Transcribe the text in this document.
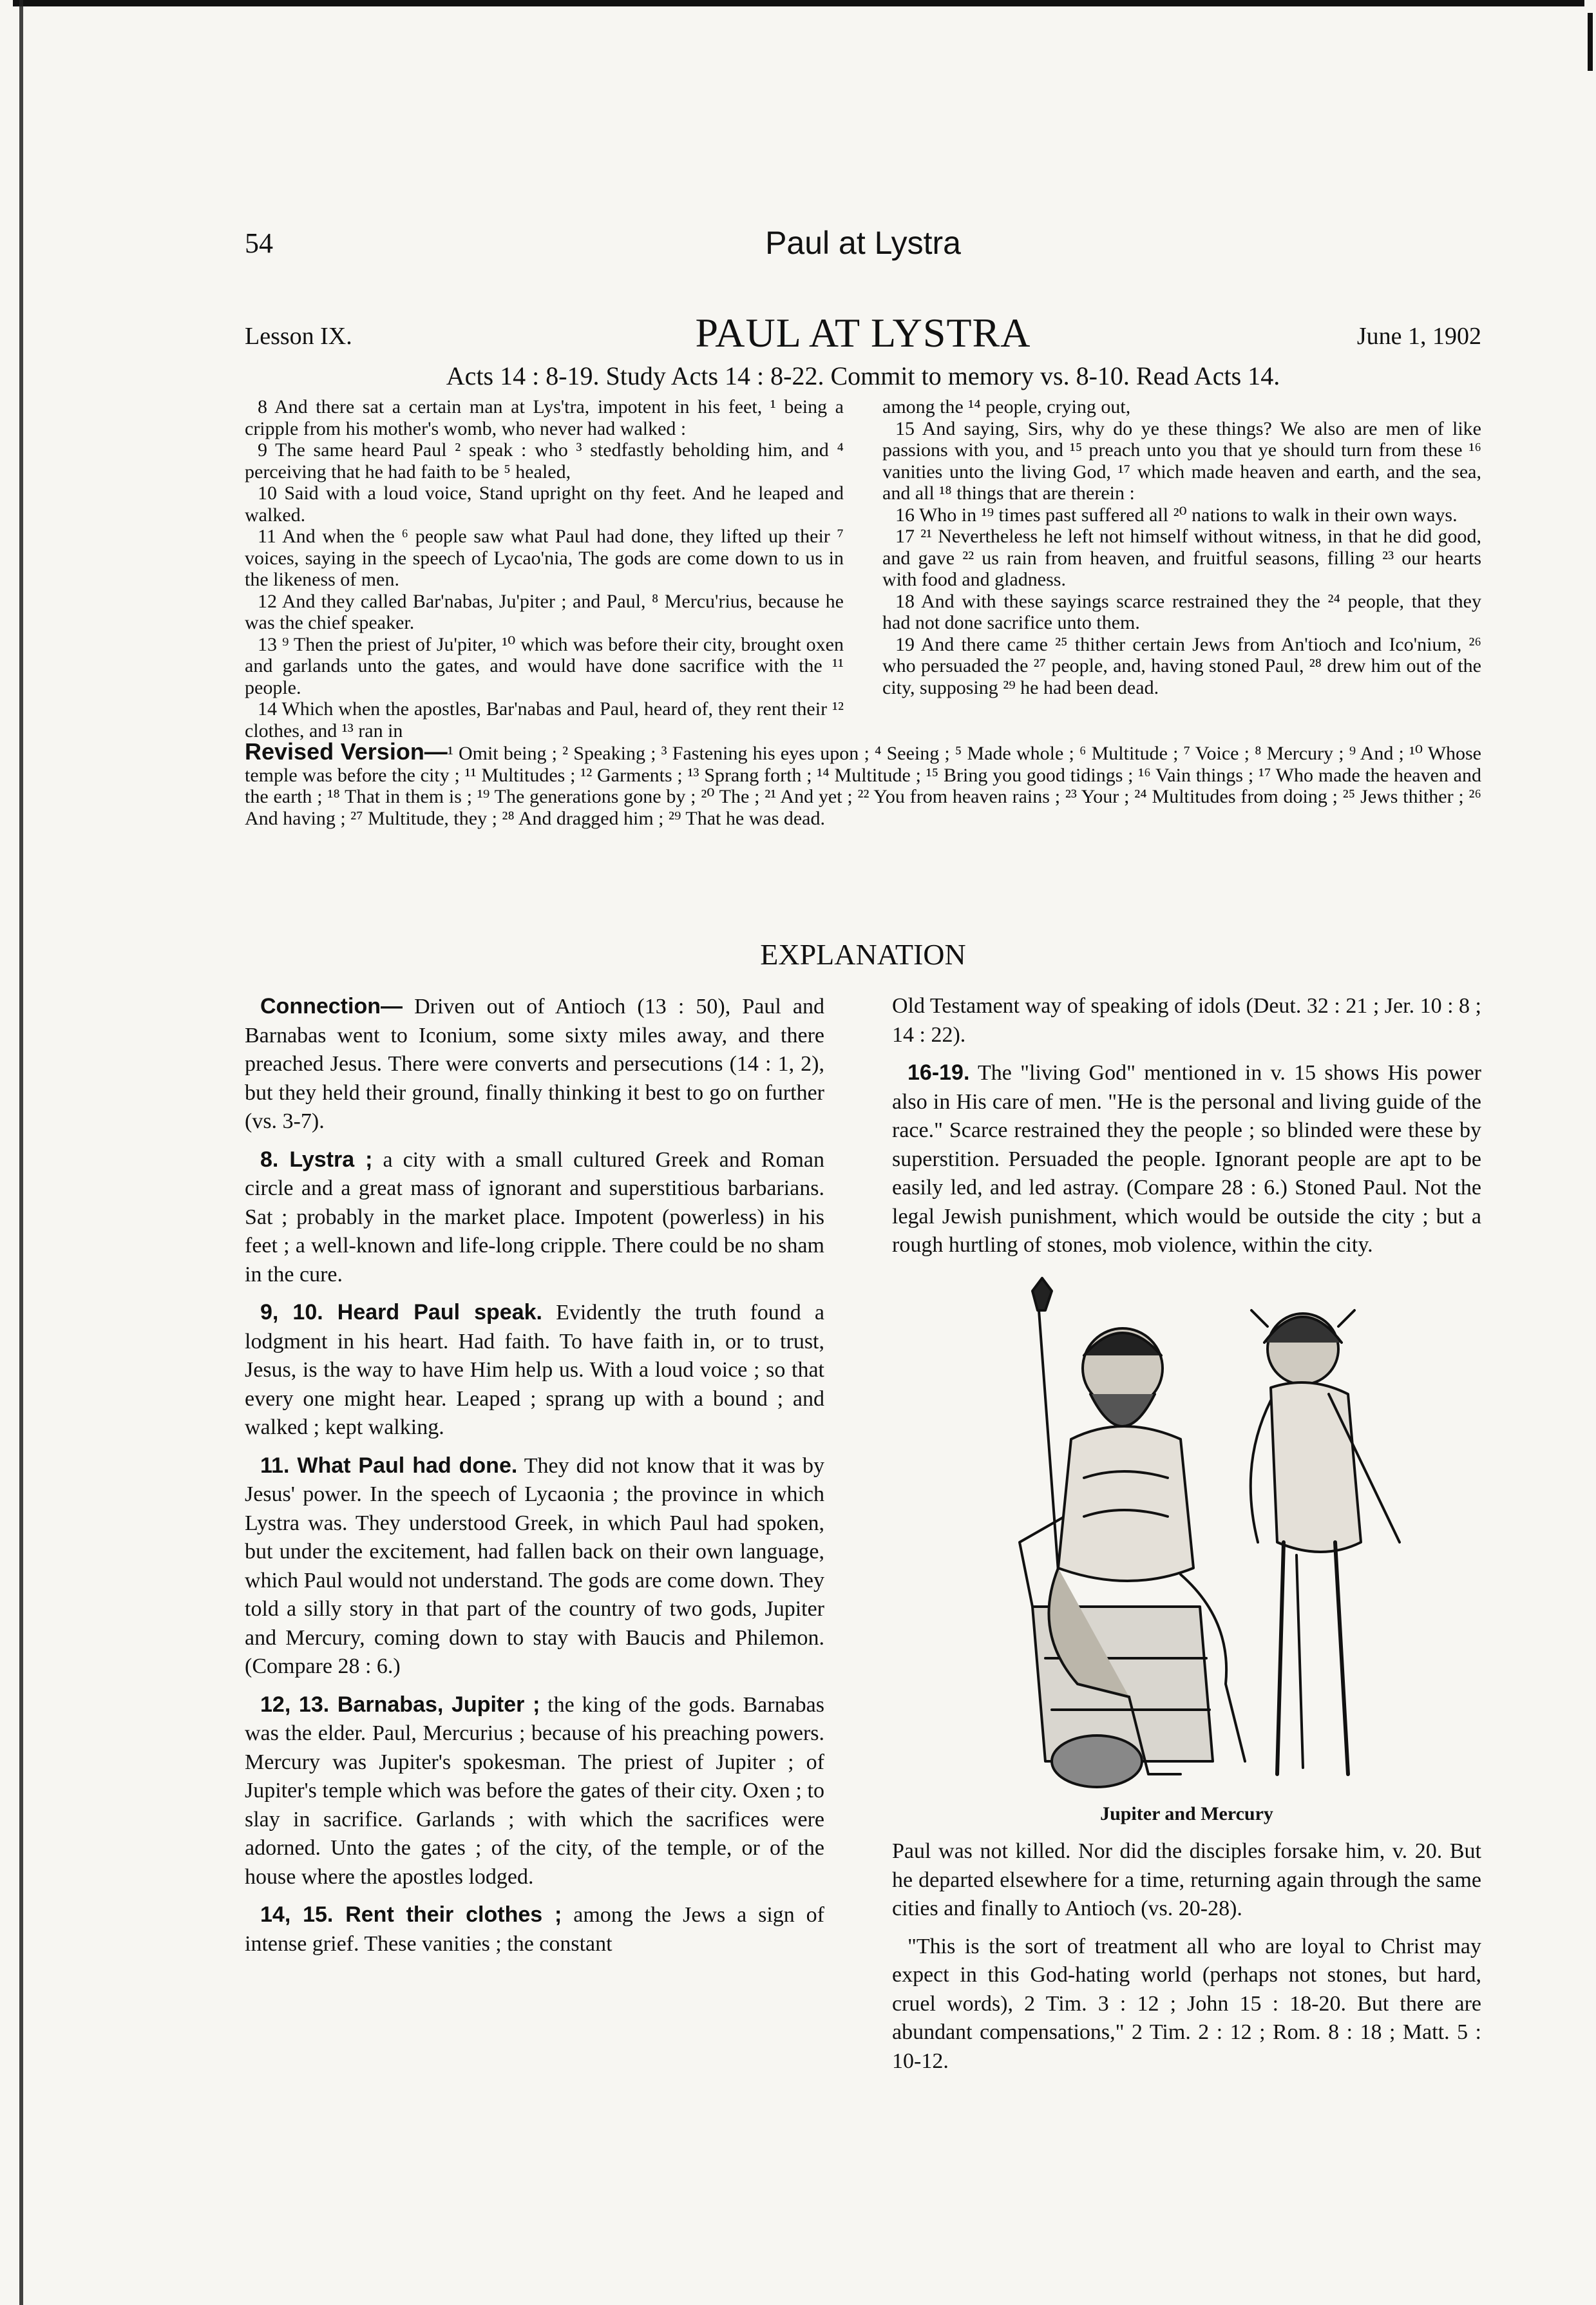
54	Paul at Lystra
Lesson IX.	PAUL AT LYSTRA	June 1, 1902
Acts 14 : 8-19. Study Acts 14 : 8-22. Commit to memory vs. 8-10. Read Acts 14.

8 And there sat a certain man at Lys'tra, impotent in his feet, ¹ being a cripple from his mother's womb, who never had walked :

9 The same heard Paul ² speak : who ³ stedfastly beholding him, and ⁴ perceiving that he had faith to be ⁵ healed,

10 Said with a loud voice, Stand upright on thy feet. And he leaped and walked.

11 And when the ⁶ people saw what Paul had done, they lifted up their ⁷ voices, saying in the speech of Lycao'nia, The gods are come down to us in the likeness of men.

12 And they called Bar'nabas, Ju'piter ; and Paul, ⁸ Mercu'rius, because he was the chief speaker.

13 ⁹ Then the priest of Ju'piter, ¹⁰ which was before their city, brought oxen and garlands unto the gates, and would have done sacrifice with the ¹¹ people.

14 Which when the apostles, Bar'nabas and Paul, heard of, they rent their ¹² clothes, and ¹³ ran in

among the ¹⁴ people, crying out,

15 And saying, Sirs, why do ye these things? We also are men of like passions with you, and ¹⁵ preach unto you that ye should turn from these ¹⁶ vanities unto the living God, ¹⁷ which made heaven and earth, and the sea, and all ¹⁸ things that are therein :

16 Who in ¹⁹ times past suffered all ²⁰ nations to walk in their own ways.

17 ²¹ Nevertheless he left not himself without witness, in that he did good, and gave ²² us rain from heaven, and fruitful seasons, filling ²³ our hearts with food and gladness.

18 And with these sayings scarce restrained they the ²⁴ people, that they had not done sacrifice unto them.

19 And there came ²⁵ thither certain Jews from An'tioch and Ico'nium, ²⁶ who persuaded the ²⁷ people, and, having stoned Paul, ²⁸ drew him out of the city, supposing ²⁹ he had been dead.

Revised Version—¹ Omit being ; ² Speaking ; ³ Fastening his eyes upon ; ⁴ Seeing ; ⁵ Made whole ; ⁶ Multitude ; ⁷ Voice ; ⁸ Mercury ; ⁹ And ; ¹⁰ Whose temple was before the city ; ¹¹ Multitudes ; ¹² Garments ; ¹³ Sprang forth ; ¹⁴ Multitude ; ¹⁵ Bring you good tidings ; ¹⁶ Vain things ; ¹⁷ Who made the heaven and the earth ; ¹⁸ That in them is ; ¹⁹ The generations gone by ; ²⁰ The ; ²¹ And yet ; ²² You from heaven rains ; ²³ Your ; ²⁴ Multitudes from doing ; ²⁵ Jews thither ; ²⁶ And having ; ²⁷ Multitude, they ; ²⁸ And dragged him ; ²⁹ That he was dead.
EXPLANATION

Connection— Driven out of Antioch (13 : 50), Paul and Barnabas went to Iconium, some sixty miles away, and there preached Jesus. There were converts and persecutions (14 : 1, 2), but they held their ground, finally thinking it best to go on further (vs. 3-7).

8. Lystra ; a city with a small cultured Greek and Roman circle and a great mass of ignorant and superstitious barbarians. Sat ; probably in the market place. Impotent (powerless) in his feet ; a well-known and life-long cripple. There could be no sham in the cure.

9, 10. Heard Paul speak. Evidently the truth found a lodgment in his heart. Had faith. To have faith in, or to trust, Jesus, is the way to have Him help us. With a loud voice ; so that every one might hear. Leaped ; sprang up with a bound ; and walked ; kept walking.

11. What Paul had done. They did not know that it was by Jesus' power. In the speech of Lycaonia ; the province in which Lystra was. They understood Greek, in which Paul had spoken, but under the excitement, had fallen back on their own language, which Paul would not understand. The gods are come down. They told a silly story in that part of the country of two gods, Jupiter and Mercury, coming down to stay with Baucis and Philemon. (Compare 28 : 6.)

12, 13. Barnabas, Jupiter ; the king of the gods. Barnabas was the elder. Paul, Mercurius ; because of his preaching powers. Mercury was Jupiter's spokesman. The priest of Jupiter ; of Jupiter's temple which was before the gates of their city. Oxen ; to slay in sacrifice. Garlands ; with which the sacrifices were adorned. Unto the gates ; of the city, of the temple, or of the house where the apostles lodged.

14, 15. Rent their clothes ; among the Jews a sign of intense grief. These vanities ; the constant

Old Testament way of speaking of idols (Deut. 32 : 21 ; Jer. 10 : 8 ; 14 : 22).

16-19. The "living God" mentioned in v. 15 shows His power also in His care of men. "He is the personal and living guide of the race." Scarce restrained they the people ; so blinded were these by superstition. Persuaded the people. Ignorant people are apt to be easily led, and led astray. (Compare 28 : 6.) Stoned Paul. Not the legal Jewish punishment, which would be outside the city ; but a rough hurtling of stones, mob violence, within the city.

Jupiter and Mercury

Paul was not killed. Nor did the disciples forsake him, v. 20. But he departed elsewhere for a time, returning again through the same cities and finally to Antioch (vs. 20-28).

"This is the sort of treatment all who are loyal to Christ may expect in this God-hating world (perhaps not stones, but hard, cruel words), 2 Tim. 3 : 12 ; John 15 : 18-20. But there are abundant compensations," 2 Tim. 2 : 12 ; Rom. 8 : 18 ; Matt. 5 : 10-12.
